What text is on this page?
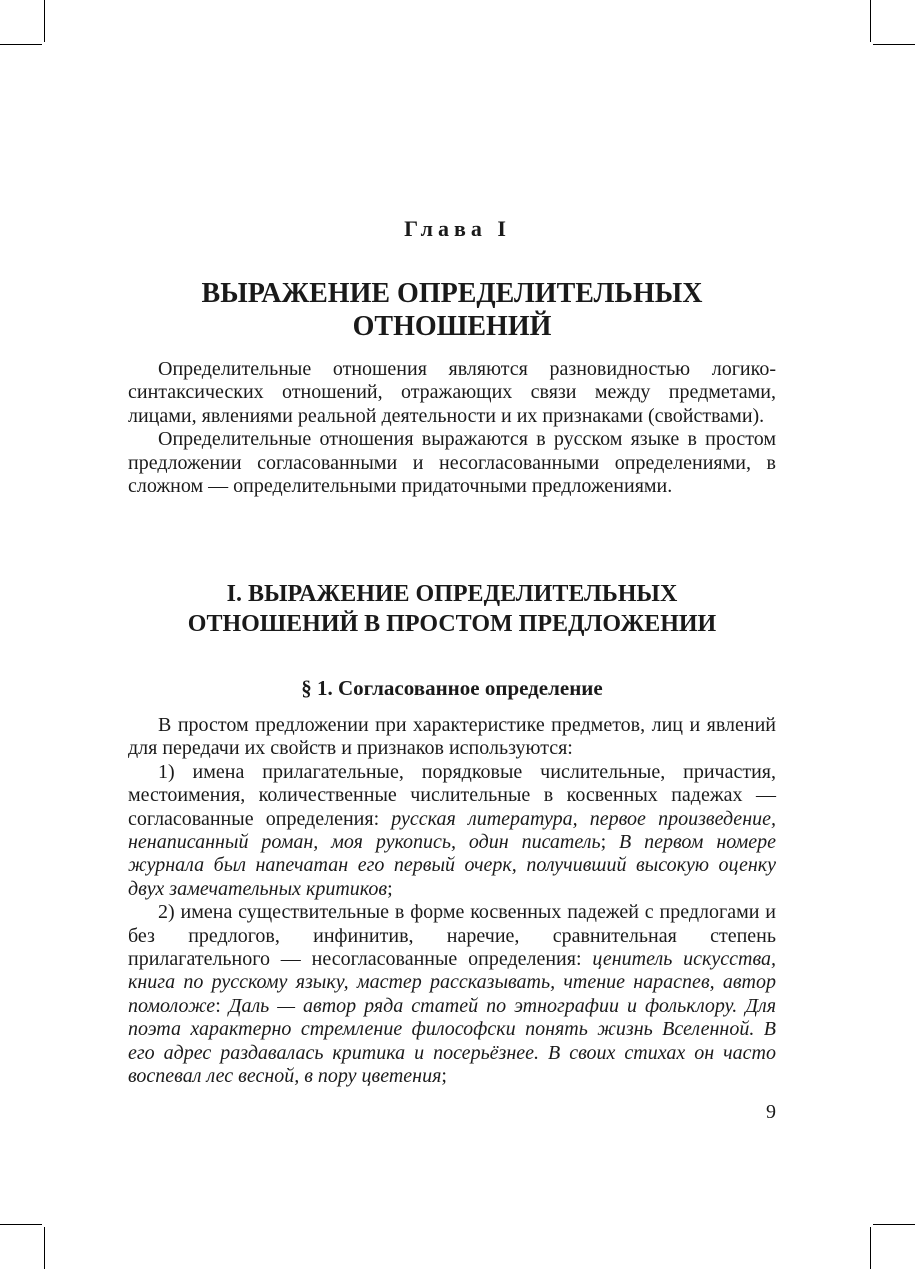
Глава I
ВЫРАЖЕНИЕ ОПРЕДЕЛИТЕЛЬНЫХ
ОТНОШЕНИЙ

Определительные отношения являются разновидностью логико-синтаксических отношений, отражающих связи между предметами, лицами, явлениями реальной деятельности и их признаками (свойствами).

Определительные отношения выражаются в русском языке в простом предложении согласованными и несогласованными определениями, в сложном — определительными придаточными предложениями.

I. ВЫРАЖЕНИЕ ОПРЕДЕЛИТЕЛЬНЫХ
ОТНОШЕНИЙ В ПРОСТОМ ПРЕДЛОЖЕНИИ
§ 1. Согласованное определение

В простом предложении при характеристике предметов, лиц и явлений для передачи их свойств и признаков используются:

1) имена прилагательные, порядковые числительные, причастия, местоимения, количественные числительные в косвенных падежах — согласованные определения: русская литература, первое произведение, ненаписанный роман, моя рукопись, один писатель; В первом номере журнала был напечатан его первый очерк, получивший высокую оценку двух замечательных критиков;

2) имена существительные в форме косвенных падежей с предлогами и без предлогов, инфинитив, наречие, сравнительная степень прилагательного — несогласованные определения: ценитель искусства, книга по русскому языку, мастер рассказывать, чтение нараспев, автор помоложе: Даль — автор ряда статей по этнографии и фольклору. Для поэта характерно стремление философски понять жизнь Вселенной. В его адрес раздавалась критика и посерьёзнее. В своих стихах он часто воспевал лес весной, в пору цветения;

9
